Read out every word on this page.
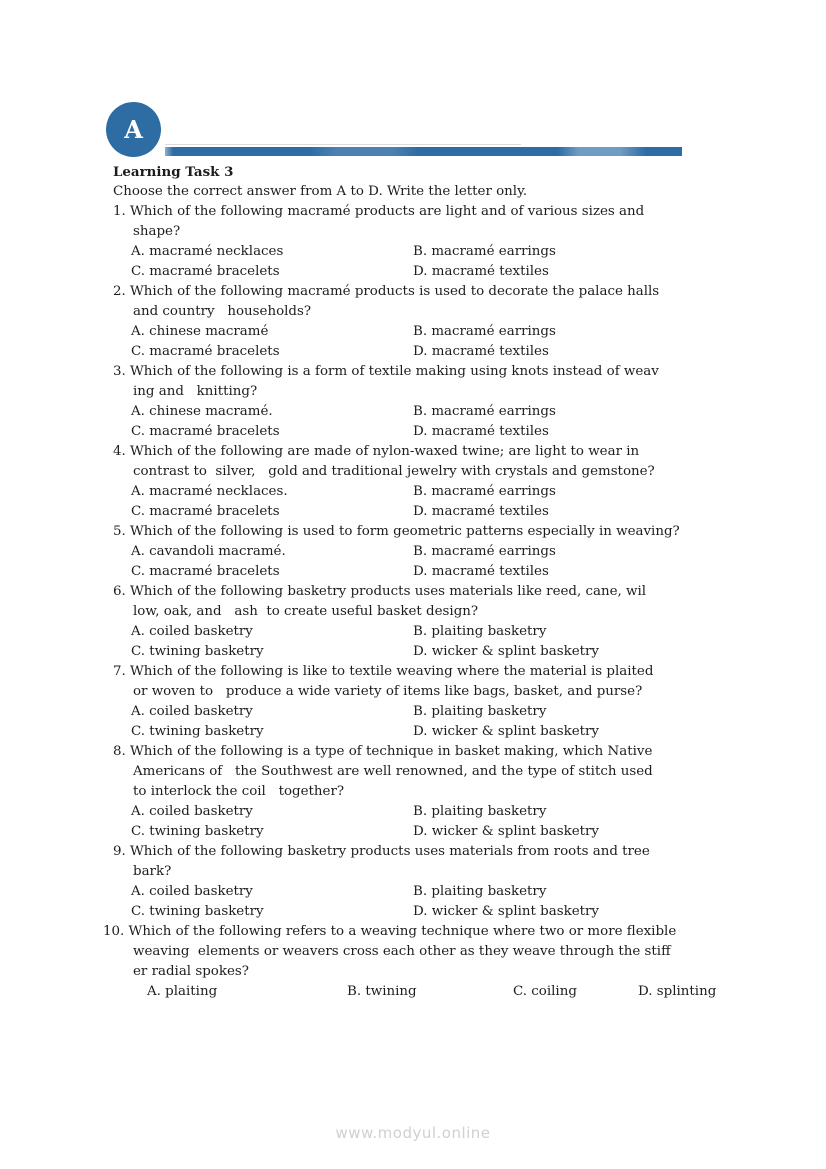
A
Learning Task 3
Choose the correct answer from A to D. Write the letter only.
1. Which of the following macramé products are light and of various sizes and
shape?
A. macramé necklaces	B. macramé earrings
C. macramé bracelets	D. macramé textiles
2. Which of the following macramé products is used to decorate the palace halls
and country   households?
A. chinese macramé	B. macramé earrings
C. macramé bracelets	D. macramé textiles
3. Which of the following is a form of textile making using knots instead of weav
ing and   knitting?
A. chinese macramé.	B. macramé earrings
C. macramé bracelets	D. macramé textiles
4. Which of the following are made of nylon-waxed twine; are light to wear in
contrast to  silver,   gold and traditional jewelry with crystals and gemstone?
A. macramé necklaces.	B. macramé earrings
C. macramé bracelets	D. macramé textiles
5. Which of the following is used to form geometric patterns especially in weaving?
A. cavandoli macramé.	B. macramé earrings
C. macramé bracelets	D. macramé textiles
6. Which of the following basketry products uses materials like reed, cane, wil
low, oak, and   ash  to create useful basket design?
A. coiled basketry	B. plaiting basketry
C. twining basketry	D. wicker & splint basketry
7. Which of the following is like to textile weaving where the material is plaited
or woven to   produce a wide variety of items like bags, basket, and purse?
A. coiled basketry	B. plaiting basketry
C. twining basketry	D. wicker & splint basketry
8. Which of the following is a type of technique in basket making, which Native
Americans of   the Southwest are well renowned, and the type of stitch used
to interlock the coil   together?
A. coiled basketry	B. plaiting basketry
C. twining basketry	D. wicker & splint basketry
9. Which of the following basketry products uses materials from roots and tree
bark?
A. coiled basketry	B. plaiting basketry
C. twining basketry	D. wicker & splint basketry
10. Which of the following refers to a weaving technique where two or more flexible
weaving  elements or weavers cross each other as they weave through the stiff
er radial spokes?
A. plaiting	B. twining	C. coiling	D. splinting
www.modyul.online
